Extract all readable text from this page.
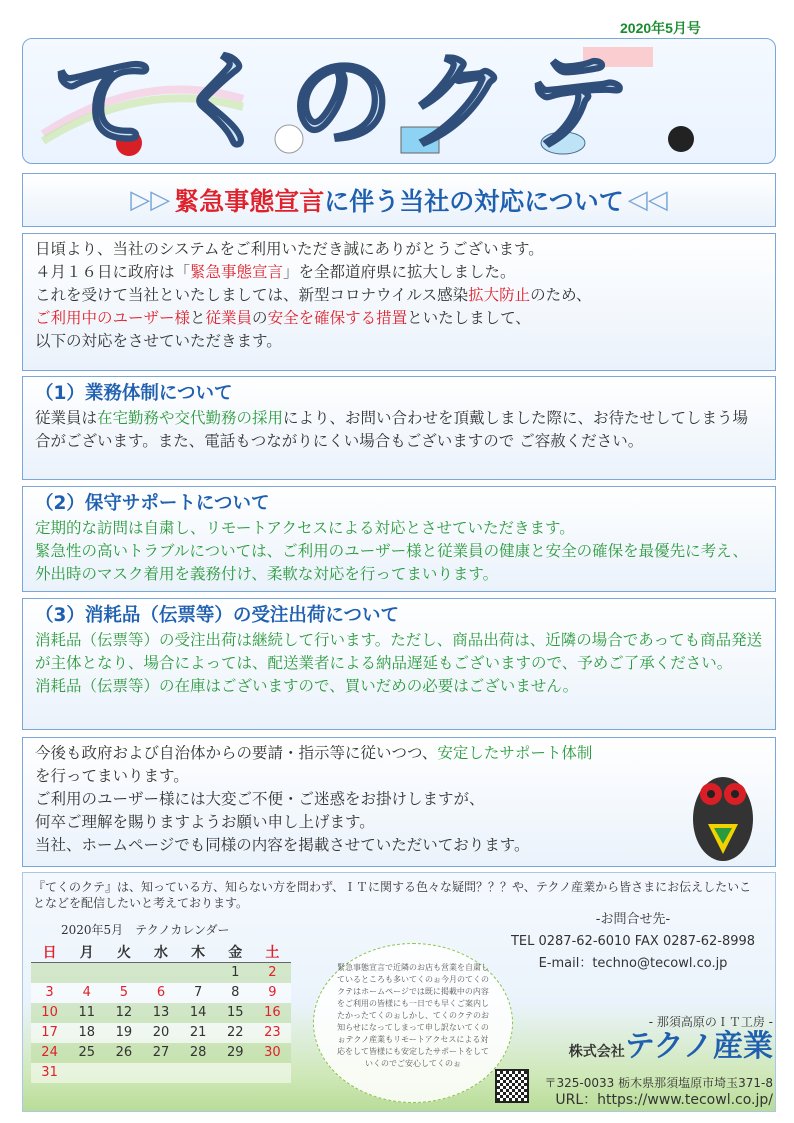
2020年5月号
てくのクテ
▷▷ 緊急事態宣言 に伴う当社の対応について ◁◁
日頃より、当社のシステムをご利用いただき誠にありがとうございます。
４月１６日に政府は「緊急事態宣言」を全都道府県に拡大しました。
これを受けて当社といたしましては、新型コロナウイルス感染拡大防止のため、
ご利用中のユーザー様と従業員の安全を確保する措置といたしまして、
以下の対応をさせていただきます。
（1）業務体制について
従業員は在宅勤務や交代勤務の採用により、お問い合わせを頂戴しました際に、お待たせしてしまう場合がございます。また、電話もつながりにくい場合もございますので ご容赦ください。
（2）保守サポートについて
定期的な訪問は自粛し、リモートアクセスによる対応とさせていただきます。
緊急性の高いトラブルについては、ご利用のユーザー様と従業員の健康と安全の確保を最優先に考え、 外出時のマスク着用を義務付け、柔軟な対応を行ってまいります。
（3）消耗品（伝票等）の受注出荷について
消耗品（伝票等）の受注出荷は継続して行います。ただし、商品出荷は、近隣の場合であっても商品発送が主体となり、場合によっては、配送業者による納品遅延もございますので、予めご了承ください。
消耗品（伝票等）の在庫はございますので、買いだめの必要はございません。
今後も政府および自治体からの要請・指示等に従いつつ、安定したサポート体制
を行ってまいります。
ご利用のユーザー様には大変ご不便・ご迷惑をお掛けしますが、
何卒ご理解を賜りますようお願い申し上げます。
当社、ホームページでも同様の内容を掲載させていただいております。
『てくのクテ』は、知っている方、知らない方を問わず、ＩＴに関する色々な疑問？？？や、テクノ産業から皆さまにお伝えしたいことなどを配信したいと考えております。
2020年5月　テクノカレンダー
日	月	火	水	木	金	土
					1	2
3	4	5	6	7	8	9
10	11	12	13	14	15	16
17	18	19	20	21	22	23
24	25	26	27	28	29	30
31						
緊急事態宣言で近隣のお店も営業を自粛しているところも多いてくのぉ今月のてくのクテはホームページでは既に掲載中の内容をご利用の皆様にも一日でも早くご案内したかったてくのぉしかし、てくのクテのお知らせになってしまって申し訳ないてくのぉテクノ産業もリモートアクセスによる対応をして皆様にも安定したサポートをしていくのでご安心してくのぉ
-お問合せ先-
TEL 0287-62-6010 FAX 0287-62-8998
E-mail：techno@tecowl.co.jp
- 那須高原のＩＴ工房 -
株式会社テクノ産業
〒325-0033 栃木県那須塩原市埼玉371-8
URL：https://www.tecowl.co.jp/
